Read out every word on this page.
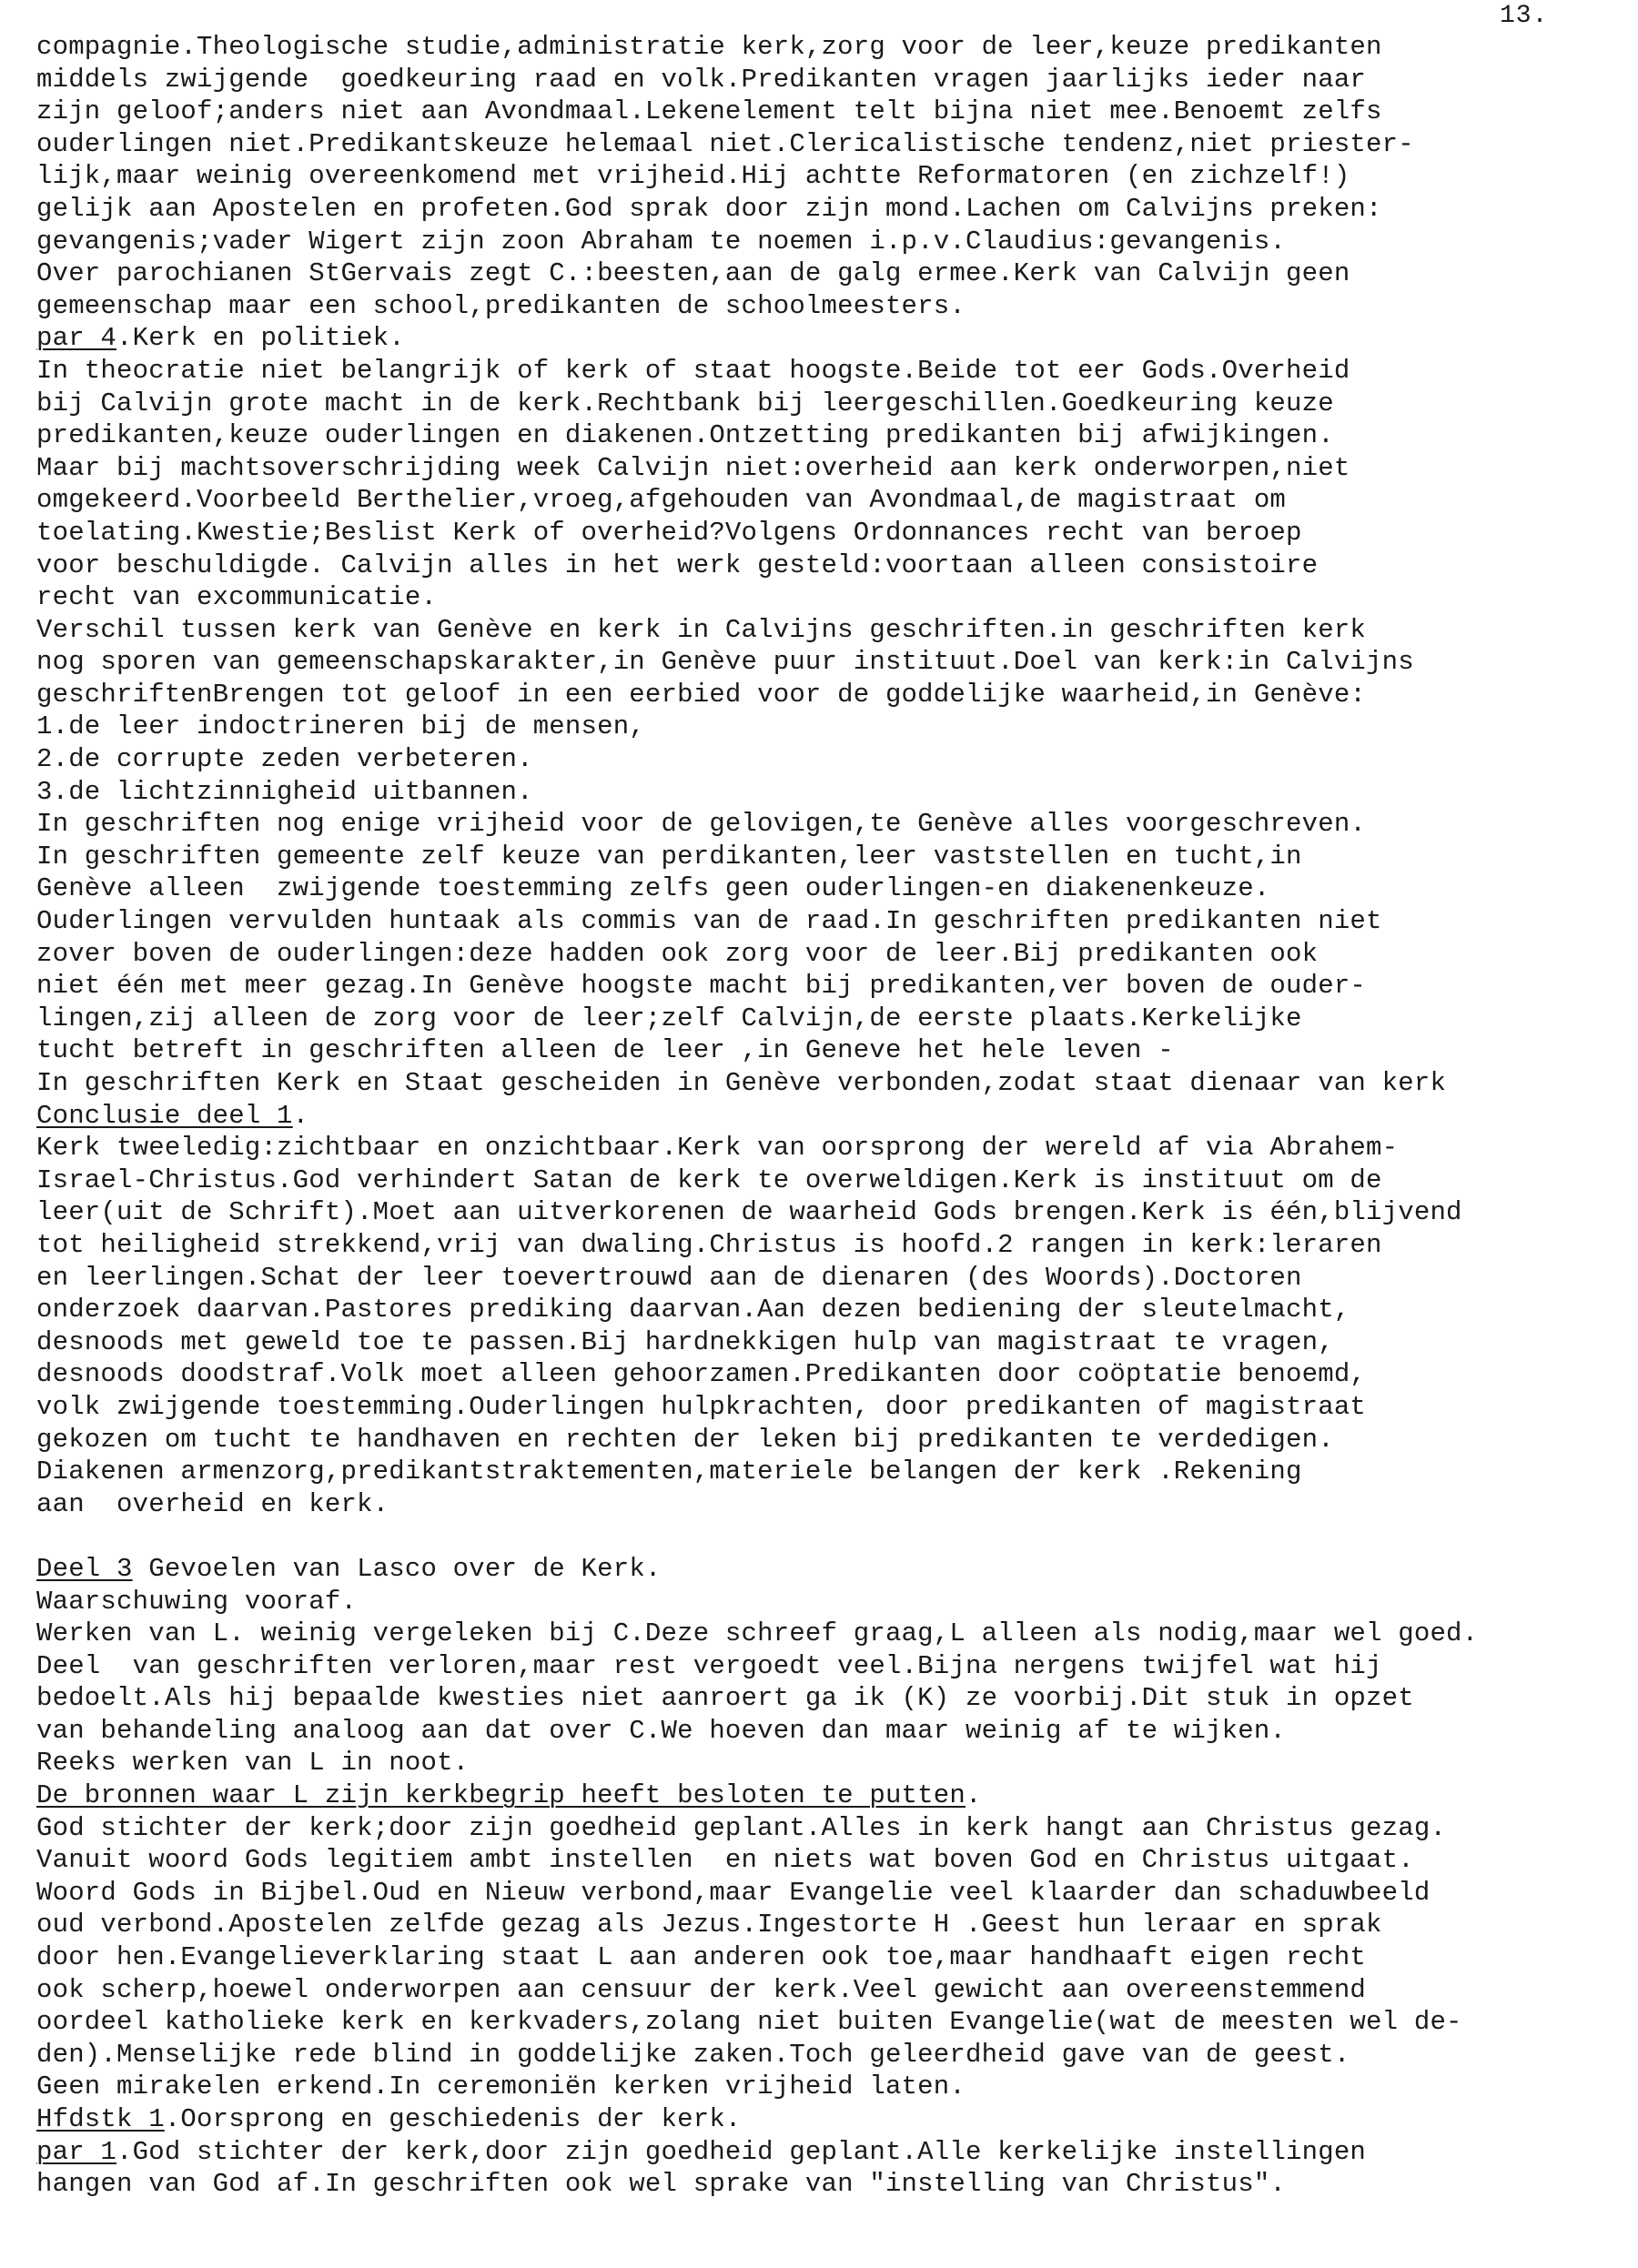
13.
compagnie.Theologische studie,administratie kerk,zorg voor de leer,keuze predikanten
middels zwijgende  goedkeuring raad en volk.Predikanten vragen jaarlijks ieder naar
zijn geloof;anders niet aan Avondmaal.Lekenelement telt bijna niet mee.Benoemt zelfs
ouderlingen niet.Predikantskeuze helemaal niet.Clericalistische tendenz,niet priester-
lijk,maar weinig overeenkomend met vrijheid.Hij achtte Reformatoren (en zichzelf!)
gelijk aan Apostelen en profeten.God sprak door zijn mond.Lachen om Calvijns preken:
gevangenis;vader Wigert zijn zoon Abraham te noemen i.p.v.Claudius:gevangenis.
Over parochianen StGervais zegt C.:beesten,aan de galg ermee.Kerk van Calvijn geen
gemeenschap maar een school,predikanten de schoolmeesters.
par 4.Kerk en politiek.
In theocratie niet belangrijk of kerk of staat hoogste.Beide tot eer Gods.Overheid
bij Calvijn grote macht in de kerk.Rechtbank bij leergeschillen.Goedkeuring keuze
predikanten,keuze ouderlingen en diakenen.Ontzetting predikanten bij afwijkingen.
Maar bij machtsoverschrijding week Calvijn niet:overheid aan kerk onderworpen,niet
omgekeerd.Voorbeeld Berthelier,vroeg,afgehouden van Avondmaal,de magistraat om
toelating.Kwestie;Beslist Kerk of overheid?Volgens Ordonnances recht van beroep
voor beschuldigde. Calvijn alles in het werk gesteld:voortaan alleen consistoire
recht van excommunicatie.
Verschil tussen kerk van Genève en kerk in Calvijns geschriften.in geschriften kerk
nog sporen van gemeenschapskarakter,in Genève puur instituut.Doel van kerk:in Calvijns
geschriftenBrengen tot geloof in een eerbied voor de goddelijke waarheid,in Genève:
1.de leer indoctrineren bij de mensen,
2.de corrupte zeden verbeteren.
3.de lichtzinnigheid uitbannen.
In geschriften nog enige vrijheid voor de gelovigen,te Genève alles voorgeschreven.
In geschriften gemeente zelf keuze van perdikanten,leer vaststellen en tucht,in
Genève alleen  zwijgende toestemming zelfs geen ouderlingen-en diakenenkeuze.
Ouderlingen vervulden huntaak als commis van de raad.In geschriften predikanten niet
zover boven de ouderlingen:deze hadden ook zorg voor de leer.Bij predikanten ook
niet één met meer gezag.In Genève hoogste macht bij predikanten,ver boven de ouder-
lingen,zij alleen de zorg voor de leer;zelf Calvijn,de eerste plaats.Kerkelijke
tucht betreft in geschriften alleen de leer ,in Geneve het hele leven -
In geschriften Kerk en Staat gescheiden in Genève verbonden,zodat staat dienaar van kerk
Conclusie deel 1.
Kerk tweeledig:zichtbaar en onzichtbaar.Kerk van oorsprong der wereld af via Abrahem-
Israel-Christus.God verhindert Satan de kerk te overweldigen.Kerk is instituut om de
leer(uit de Schrift).Moet aan uitverkorenen de waarheid Gods brengen.Kerk is één,blijvend
tot heiligheid strekkend,vrij van dwaling.Christus is hoofd.2 rangen in kerk:leraren
en leerlingen.Schat der leer toevertrouwd aan de dienaren (des Woords).Doctoren
onderzoek daarvan.Pastores prediking daarvan.Aan dezen bediening der sleutelmacht,
desnoods met geweld toe te passen.Bij hardnekkigen hulp van magistraat te vragen,
desnoods doodstraf.Volk moet alleen gehoorzamen.Predikanten door coöptatie benoemd,
volk zwijgende toestemming.Ouderlingen hulpkrachten, door predikanten of magistraat
gekozen om tucht te handhaven en rechten der leken bij predikanten te verdedigen.
Diakenen armenzorg,predikantstraktementen,materiele belangen der kerk .Rekening
aan  overheid en kerk.
Deel 3 Gevoelen van Lasco over de Kerk.
Waarschuwing vooraf.
Werken van L. weinig vergeleken bij C.Deze schreef graag,L alleen als nodig,maar wel goed.
Deel  van geschriften verloren,maar rest vergoedt veel.Bijna nergens twijfel wat hij
bedoelt.Als hij bepaalde kwesties niet aanroert ga ik (K) ze voorbij.Dit stuk in opzet
van behandeling analoog aan dat over C.We hoeven dan maar weinig af te wijken.
Reeks werken van L in noot.
De bronnen waar L zijn kerkbegrip heeft besloten te putten.
God stichter der kerk;door zijn goedheid geplant.Alles in kerk hangt aan Christus gezag.
Vanuit woord Gods legitiem ambt instellen  en niets wat boven God en Christus uitgaat.
Woord Gods in Bijbel.Oud en Nieuw verbond,maar Evangelie veel klaarder dan schaduwbeeld
oud verbond.Apostelen zelfde gezag als Jezus.Ingestorte H .Geest hun leraar en sprak
door hen.Evangelieverklaring staat L aan anderen ook toe,maar handhaaft eigen recht
ook scherp,hoewel onderworpen aan censuur der kerk.Veel gewicht aan overeenstemmend
oordeel katholieke kerk en kerkvaders,zolang niet buiten Evangelie(wat de meesten wel de-
den).Menselijke rede blind in goddelijke zaken.Toch geleerdheid gave van de geest.
Geen mirakelen erkend.In ceremoniën kerken vrijheid laten.
Hfdstk 1.Oorsprong en geschiedenis der kerk.
par 1.God stichter der kerk,door zijn goedheid geplant.Alle kerkelijke instellingen
hangen van God af.In geschriften ook wel sprake van "instelling van Christus".
